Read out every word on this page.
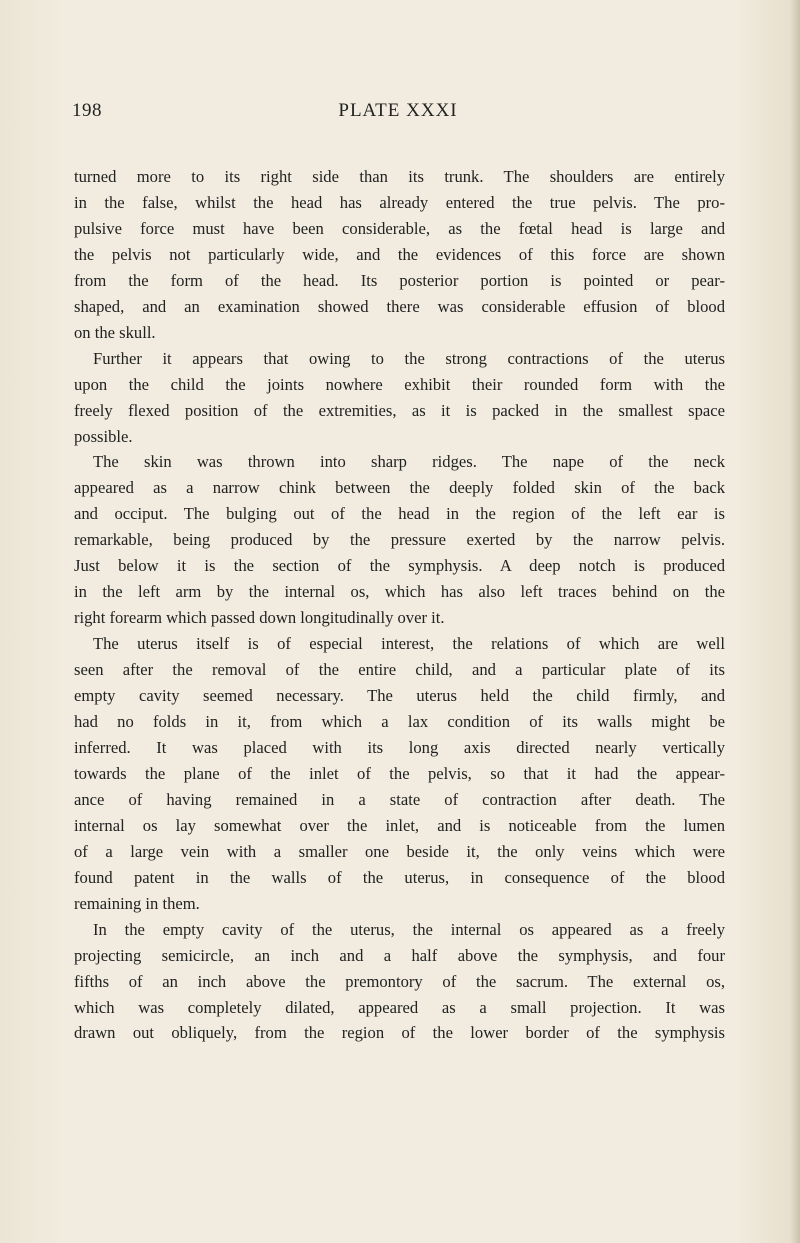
198	PLATE XXXI
turned more to its right side than its trunk. The shoulders are entirely
in the false, whilst the head has already entered the true pelvis. The pro-
pulsive force must have been considerable, as the fœtal head is large and
the pelvis not particularly wide, and the evidences of this force are shown
from the form of the head. Its posterior portion is pointed or pear-
shaped, and an examination showed there was considerable effusion of blood
on the skull.
Further it appears that owing to the strong contractions of the uterus
upon the child the joints nowhere exhibit their rounded form with the
freely flexed position of the extremities, as it is packed in the smallest space
possible.
The skin was thrown into sharp ridges. The nape of the neck
appeared as a narrow chink between the deeply folded skin of the back
and occiput. The bulging out of the head in the region of the left ear is
remarkable, being produced by the pressure exerted by the narrow pelvis.
Just below it is the section of the symphysis. A deep notch is produced
in the left arm by the internal os, which has also left traces behind on the
right forearm which passed down longitudinally over it.
The uterus itself is of especial interest, the relations of which are well
seen after the removal of the entire child, and a particular plate of its
empty cavity seemed necessary. The uterus held the child firmly, and
had no folds in it, from which a lax condition of its walls might be
inferred. It was placed with its long axis directed nearly vertically
towards the plane of the inlet of the pelvis, so that it had the appear-
ance of having remained in a state of contraction after death. The
internal os lay somewhat over the inlet, and is noticeable from the lumen
of a large vein with a smaller one beside it, the only veins which were
found patent in the walls of the uterus, in consequence of the blood
remaining in them.
In the empty cavity of the uterus, the internal os appeared as a freely
projecting semicircle, an inch and a half above the symphysis, and four
fifths of an inch above the premontory of the sacrum. The external os,
which was completely dilated, appeared as a small projection. It was
drawn out obliquely, from the region of the lower border of the symphysis
